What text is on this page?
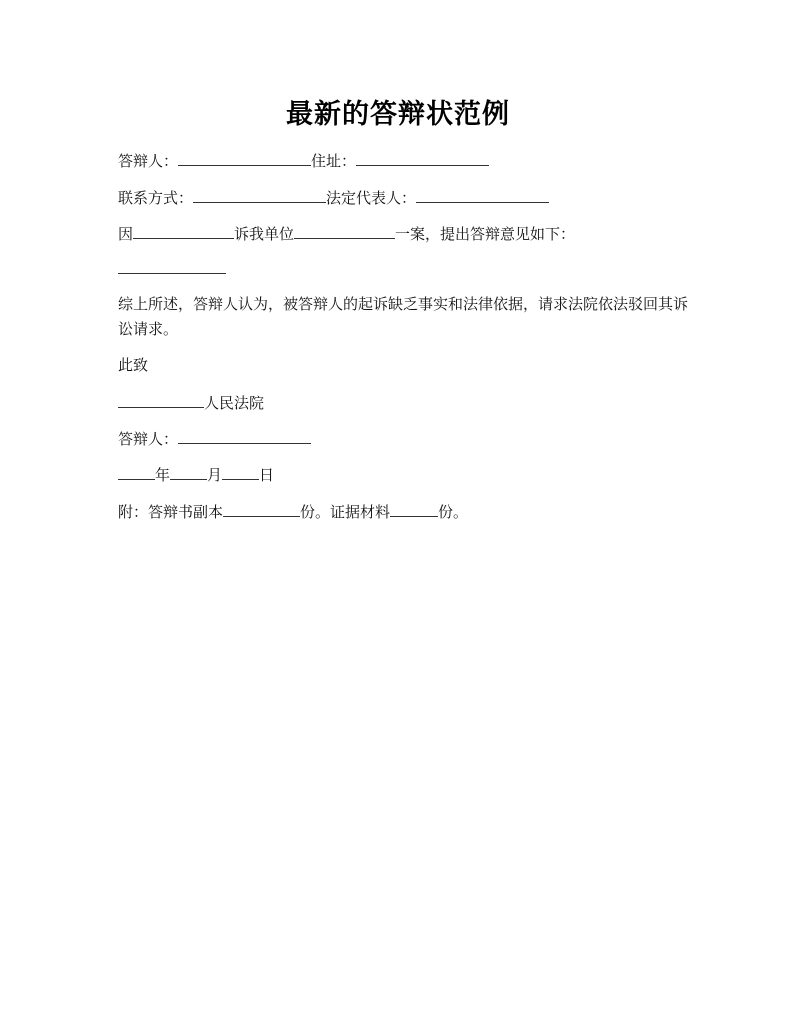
最新的答辩状范例
答辩人：	住址：
联系方式：	法定代表人：
因	诉我单位	一案，提出答辩意见如下：
综上所述，答辩人认为，被答辩人的起诉缺乏事实和法律依据，请求法院依法驳回其诉讼请求。
此致
人民法院
答辩人：
年 月 日
附：答辩书副本	份。证据材料	份。
